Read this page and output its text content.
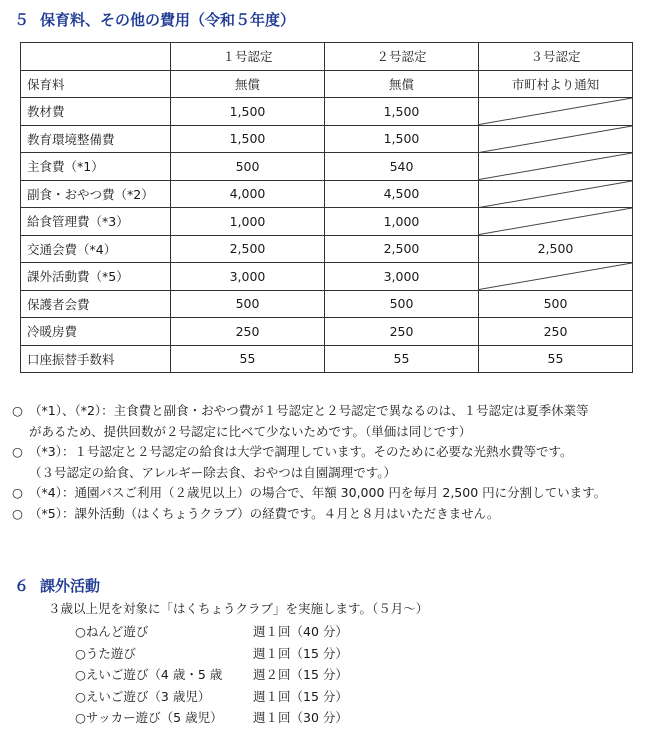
５ 保育料、その他の費用（令和５年度）
	１号認定	２号認定	３号認定
保育料	無償	無償	市町村より通知
教材費	1,500	1,500	

教育環境整備費	1,500	1,500	

主食費（*1）	500	540	

副食・おやつ費（*2）	4,000	4,500	

給食管理費（*3）	1,000	1,000	

交通会費（*4）	2,500	2,500	2,500
課外活動費（*5）	3,000	3,000	

保護者会費	500	500	500
冷暖房費	250	250	250
口座振替手数料	55	55	55
○ （*1）、（*2）：主食費と副食・おやつ費が１号認定と２号認定で異なるのは、１号認定は夏季休業等
があるため、提供回数が２号認定に比べて少ないためです。（単価は同じです）
○ （*3）：１号認定と２号認定の給食は大学で調理しています。そのために必要な光熱水費等です。
（３号認定の給食、アレルギー除去食、おやつは自園調理です。）
○ （*4）：通園バスご利用（２歳児以上）の場合で、年額 30,000 円を毎月 2,500 円に分割しています。
○ （*5）：課外活動（はくちょうクラブ）の経費です。４月と８月はいただきません。
６ 課外活動
３歳以上児を対象に「はくちょうクラブ」を実施します。（５月～）
○ねんど遊び	週１回（40 分）
○うた遊び	週１回（15 分）
○えいご遊び（4 歳・5 歳 週２回（15 分）
○えいご遊び（3 歳児）	週１回（15 分）
○サッカー遊び（5 歳児） 週１回（30 分）
